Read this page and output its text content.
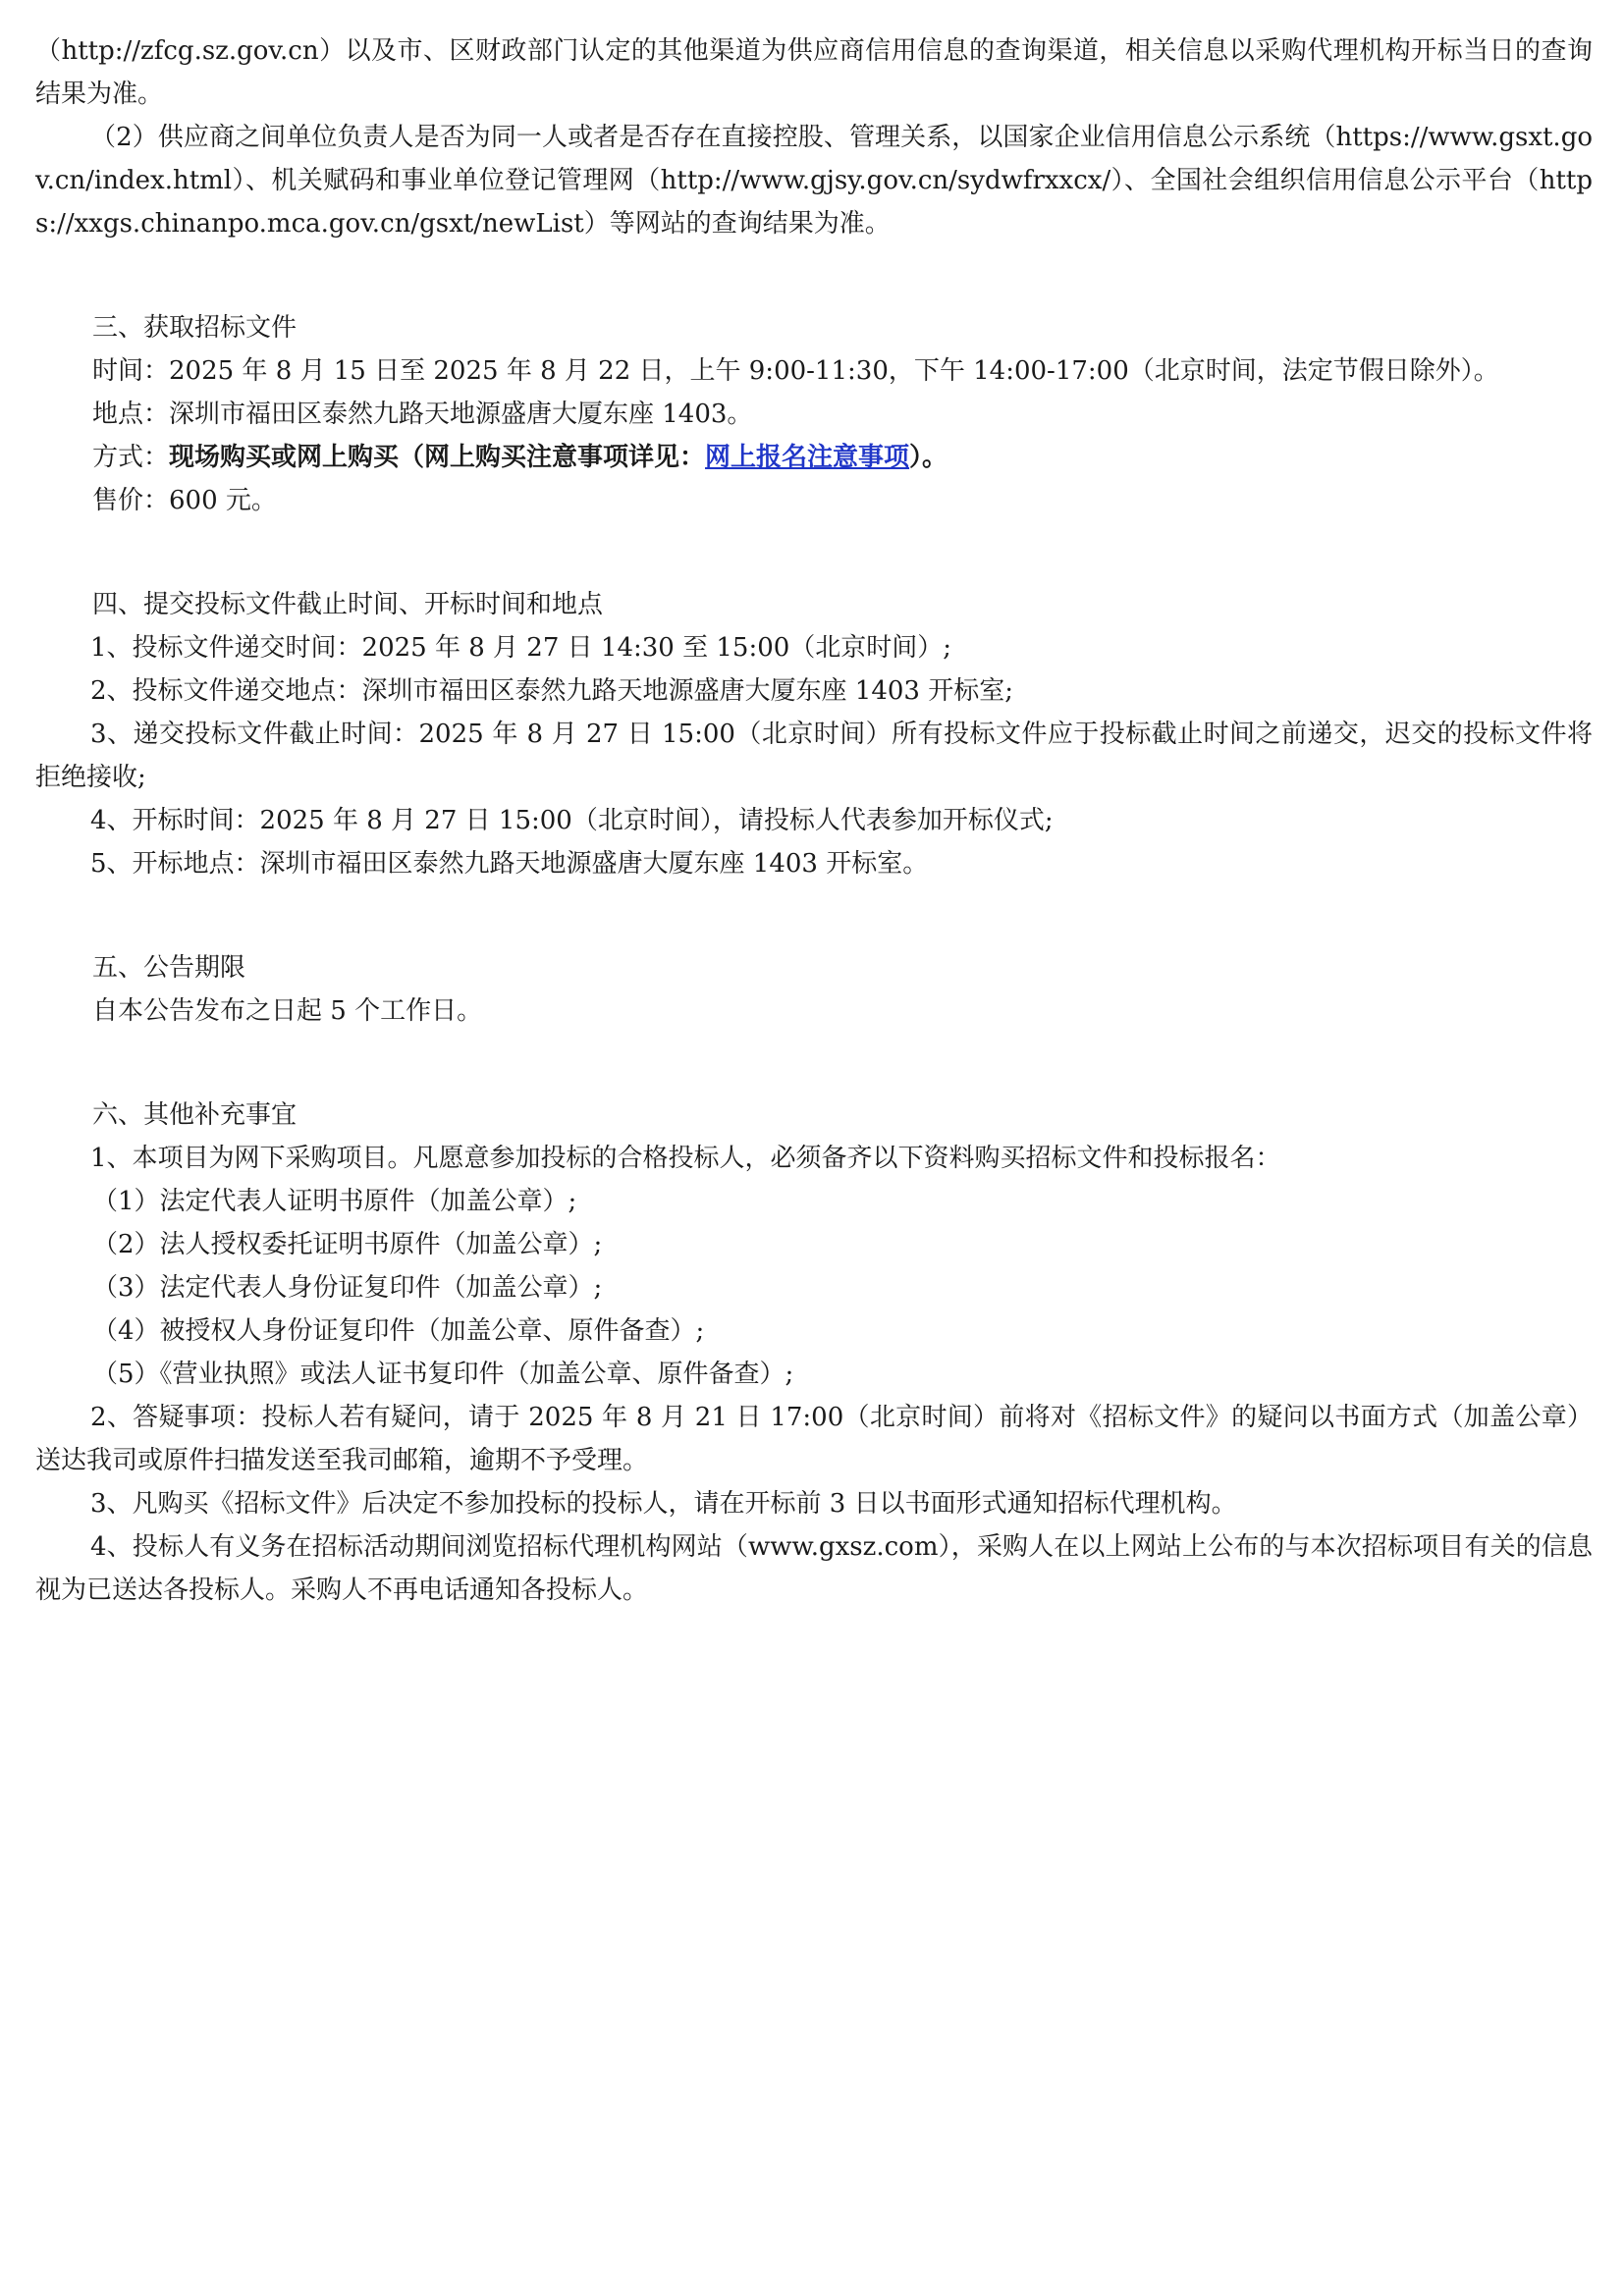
（http://zfcg.sz.gov.cn）以及市、区财政部门认定的其他渠道为供应商信用信息的查询渠道，相关信息以采购代理机构开标当日的查询结果为准。

（2）供应商之间单位负责人是否为同一人或者是否存在直接控股、管理关系，以国家企业信用信息公示系统（https://www.gsxt.gov.cn/index.html）、机关赋码和事业单位登记管理网（http://www.gjsy.gov.cn/sydwfrxxcx/）、全国社会组织信用信息公示平台（https://xxgs.chinanpo.mca.gov.cn/gsxt/newList）等网站的查询结果为准。

三、获取招标文件

时间：2025 年 8 月 15 日至 2025 年 8 月 22 日，上午 9:00-11:30，下午 14:00-17:00（北京时间，法定节假日除外）。

地点：深圳市福田区泰然九路天地源盛唐大厦东座 1403。

方式：现场购买或网上购买（网上购买注意事项详见：网上报名注意事项）。

售价：600 元。

四、提交投标文件截止时间、开标时间和地点

1、投标文件递交时间：2025 年 8 月 27 日 14:30 至 15:00（北京时间）;

2、投标文件递交地点：深圳市福田区泰然九路天地源盛唐大厦东座 1403 开标室;

3、递交投标文件截止时间：2025 年 8 月 27 日 15:00（北京时间）所有投标文件应于投标截止时间之前递交，迟交的投标文件将拒绝接收;

4、开标时间：2025 年 8 月 27 日 15:00（北京时间），请投标人代表参加开标仪式;

5、开标地点：深圳市福田区泰然九路天地源盛唐大厦东座 1403 开标室。

五、公告期限

自本公告发布之日起 5 个工作日。

六、其他补充事宜

1、本项目为网下采购项目。凡愿意参加投标的合格投标人，必须备齐以下资料购买招标文件和投标报名：

（1）法定代表人证明书原件（加盖公章）;

（2）法人授权委托证明书原件（加盖公章）;

（3）法定代表人身份证复印件（加盖公章）;

（4）被授权人身份证复印件（加盖公章、原件备查）;

（5）《营业执照》或法人证书复印件（加盖公章、原件备查）;

2、答疑事项：投标人若有疑问，请于 2025 年 8 月 21 日 17:00（北京时间）前将对《招标文件》的疑问以书面方式（加盖公章）送达我司或原件扫描发送至我司邮箱，逾期不予受理。

3、凡购买《招标文件》后决定不参加投标的投标人，请在开标前 3 日以书面形式通知招标代理机构。

4、投标人有义务在招标活动期间浏览招标代理机构网站（www.gxsz.com），采购人在以上网站上公布的与本次招标项目有关的信息视为已送达各投标人。采购人不再电话通知各投标人。
